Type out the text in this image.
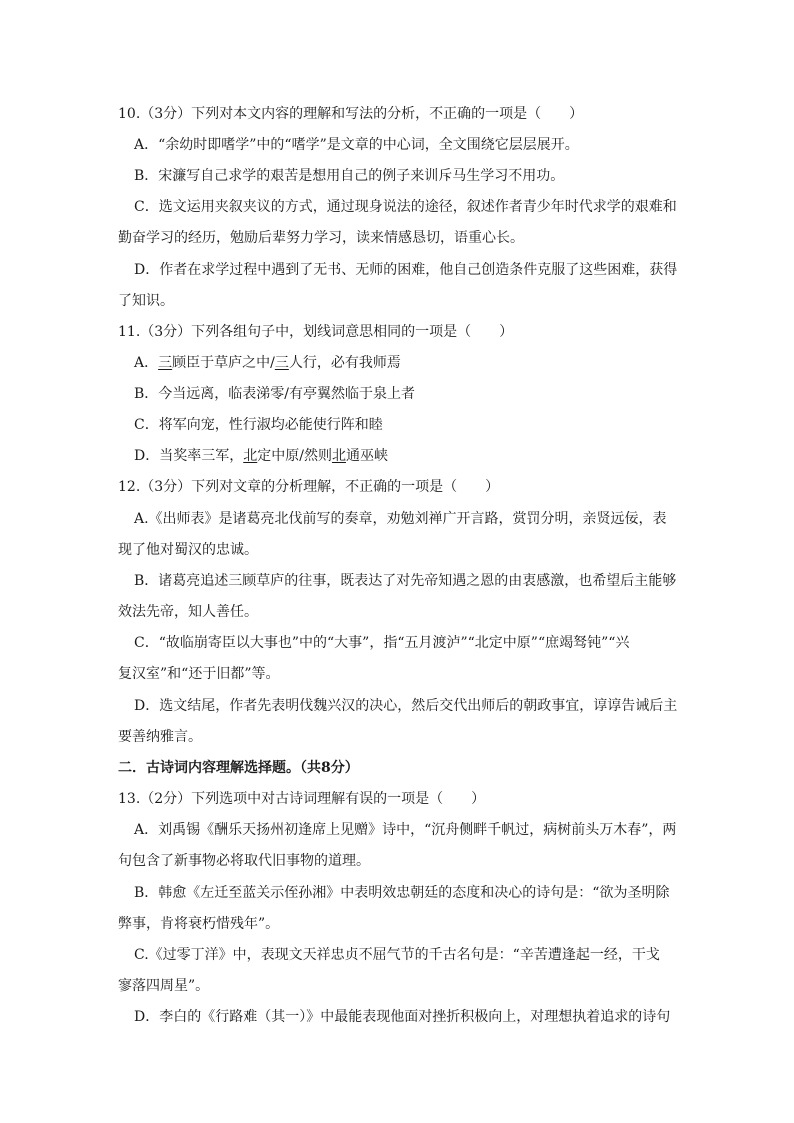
10.（3分）下列对本文内容的理解和写法的分析，不正确的一项是（　　）
A．“余幼时即嗜学”中的“嗜学”是文章的中心词，全文围绕它层层展开。
B．宋濂写自己求学的艰苦是想用自己的例子来训斥马生学习不用功。
C．选文运用夹叙夹议的方式，通过现身说法的途径，叙述作者青少年时代求学的艰难和
勤奋学习的经历，勉励后辈努力学习，读来情感恳切，语重心长。
D．作者在求学过程中遇到了无书、无师的困难，他自己创造条件克服了这些困难，获得
了知识。
11.（3分）下列各组句子中，划线词意思相同的一项是（　　）
A．三顾臣于草庐之中/三人行，必有我师焉
B．今当远离，临表涕零/有亭翼然临于泉上者
C．将军向宠，性行淑均必能使行阵和睦
D．当奖率三军，北定中原/然则北通巫峡
12.（3分）下列对文章的分析理解，不正确的一项是（　　）
A.《出师表》是诸葛亮北伐前写的奏章，劝勉刘禅广开言路，赏罚分明，亲贤远佞，表
现了他对蜀汉的忠诚。
B．诸葛亮追述三顾草庐的往事，既表达了对先帝知遇之恩的由衷感激，也希望后主能够
效法先帝，知人善任。
C．“故临崩寄臣以大事也”中的“大事”，指“五月渡泸”“北定中原”“庶竭驽钝”“兴
复汉室”和“还于旧都”等。
D．选文结尾，作者先表明伐魏兴汉的决心，然后交代出师后的朝政事宜，谆谆告诫后主
要善纳雅言。
二．古诗词内容理解选择题。（共8分）
13.（2分）下列选项中对古诗词理解有误的一项是（　　）
A．刘禹锡《酬乐天扬州初逢席上见赠》诗中，“沉舟侧畔千帆过，病树前头万木春”，两
句包含了新事物必将取代旧事物的道理。
B．韩愈《左迁至蓝关示侄孙湘》中表明效忠朝廷的态度和决心的诗句是：“欲为圣明除
弊事，肯将衰朽惜残年”。
C.《过零丁洋》中，表现文天祥忠贞不屈气节的千古名句是：“辛苦遭逢起一经，干戈
寥落四周星”。
D．李白的《行路难（其一）》中最能表现他面对挫折积极向上，对理想执着追求的诗句
